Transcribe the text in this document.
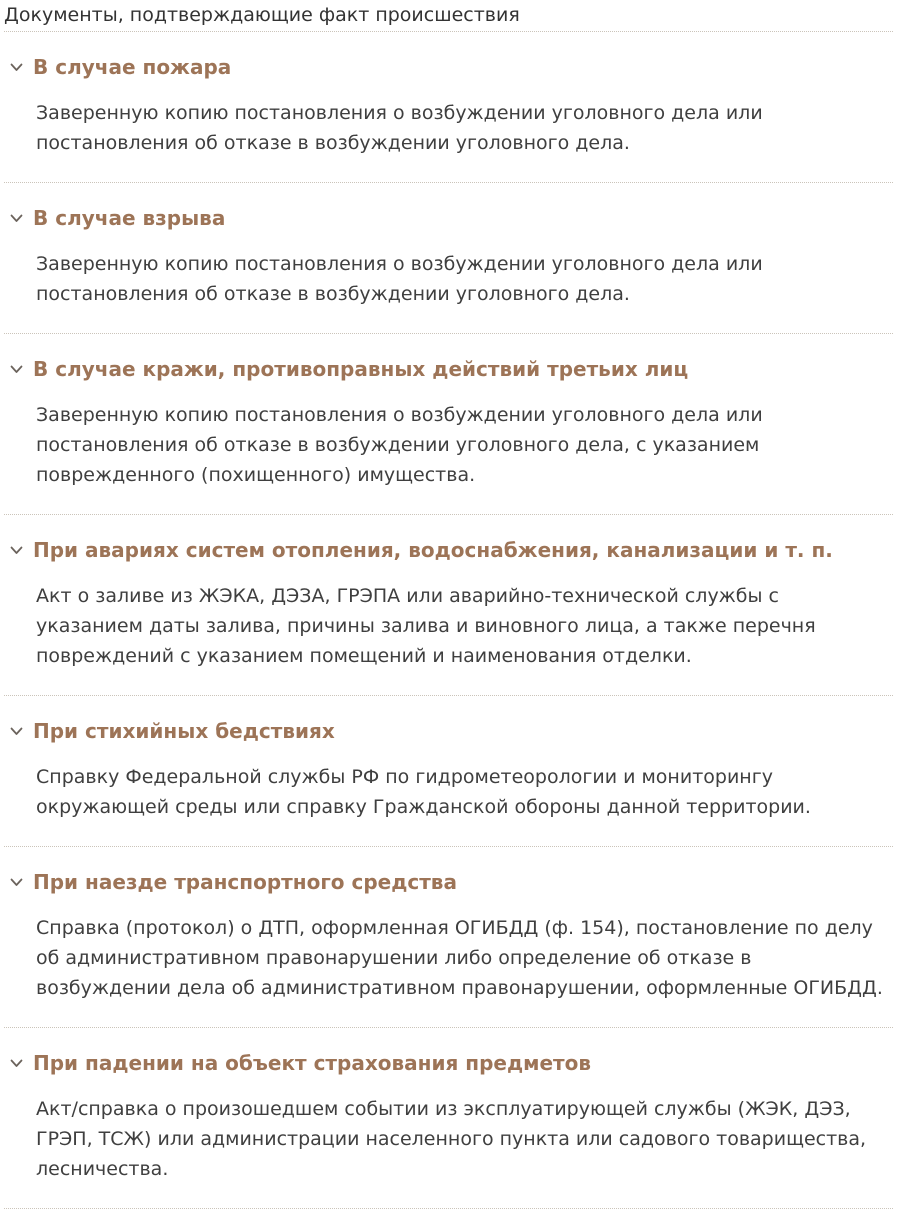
Документы, подтверждающие факт происшествия
В случае пожара
Заверенную копию постановления о возбуждении уголовного дела или постановления об отказе в возбуждении уголовного дела.
В случае взрыва
Заверенную копию постановления о возбуждении уголовного дела или постановления об отказе в возбуждении уголовного дела.
В случае кражи, противоправных действий третьих лиц
Заверенную копию постановления о возбуждении уголовного дела или постановления об отказе в возбуждении уголовного дела, с указанием поврежденного (похищенного) имущества.
При авариях систем отопления, водоснабжения, канализации и т. п.
Акт о заливе из ЖЭКА, ДЭЗА, ГРЭПА или аварийно-технической службы с указанием даты залива, причины залива и виновного лица, а также перечня повреждений с указанием помещений и наименования отделки.
При стихийных бедствиях
Справку Федеральной службы РФ по гидрометеорологии и мониторингу окружающей среды или справку Гражданской обороны данной территории.
При наезде транспортного средства
Справка (протокол) о ДТП, оформленная ОГИБДД (ф. 154), постановление по делу об административном правонарушении либо определение об отказе в возбуждении дела об административном правонарушении, оформленные ОГИБДД.
При падении на объект страхования предметов
Акт/справка о произошедшем событии из эксплуатирующей службы (ЖЭК, ДЭЗ, ГРЭП, ТСЖ) или администрации населенного пункта или садового товарищества, лесничества.
